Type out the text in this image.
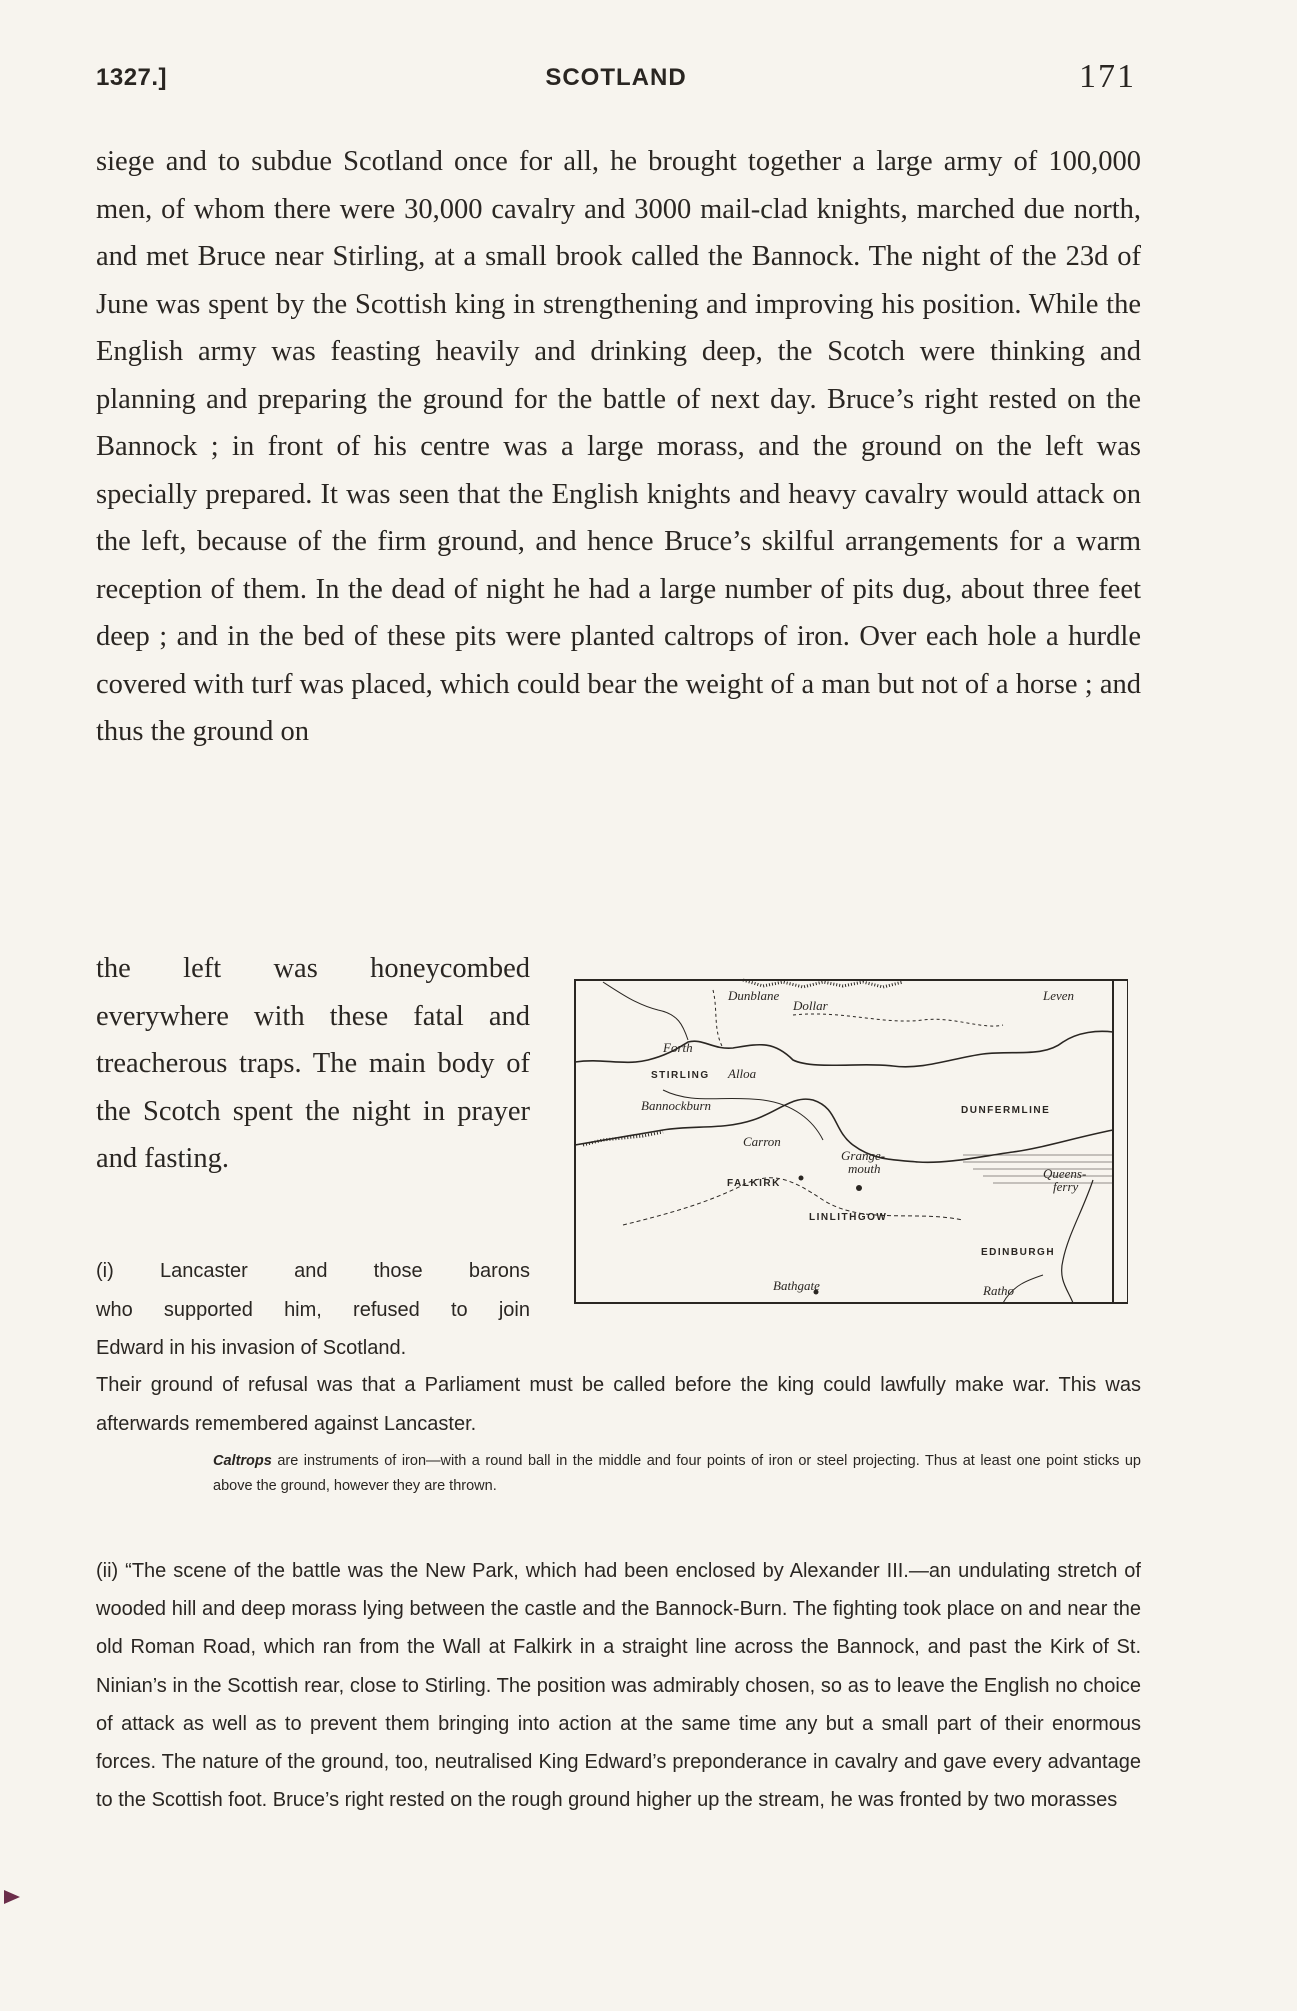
1327.]	SCOTLAND	171

siege and to subdue Scotland once for all, he brought together a large army of 100,000 men, of whom there were 30,000 cavalry and 3000 mail-clad knights, marched due north, and met Bruce near Stirling, at a small brook called the Bannock. The night of the 23d of June was spent by the Scottish king in strengthening and improving his position. While the English army was feasting heavily and drinking deep, the Scotch were thinking and planning and preparing the ground for the battle of next day. Bruce’s right rested on the Bannock ; in front of his centre was a large morass, and the ground on the left was specially prepared. It was seen that the English knights and heavy cavalry would attack on the left, because of the firm ground, and hence Bruce’s skilful arrangements for a warm reception of them. In the dead of night he had a large number of pits dug, about three feet deep ; and in the bed of these pits were planted caltrops of iron. Over each hole a hurdle covered with turf was placed, which could bear the weight of a man but not of a horse ; and thus the ground on

the left was honeycombed everywhere with these fatal and treacherous traps. The main body of the Scotch spent the night in prayer and fasting.

(i) Lancaster and those barons
who supported him, refused to join
Edward in his invasion of Scotland.

Their ground of refusal was that a Parliament must be called before the king could lawfully make war. This was afterwards remembered against Lancaster.

Caltrops are instruments of iron—with a round ball in the middle and four points of iron or steel projecting. Thus at least one point sticks up above the ground, however they are thrown.

(ii) “The scene of the battle was the New Park, which had been enclosed by Alexander III.—an undulating stretch of wooded hill and deep morass lying between the castle and the Bannock-Burn. The fighting took place on and near the old Roman Road, which ran from the Wall at Falkirk in a straight line across the Bannock, and past the Kirk of St. Ninian’s in the Scottish rear, close to Stirling. The position was admirably chosen, so as to leave the English no choice of attack as well as to prevent them bringing into action at the same time any but a small part of their enormous forces. The nature of the ground, too, neutralised King Edward’s preponderance in cavalry and gave every advantage to the Scottish foot. Bruce’s right rested on the rough ground higher up the stream, he was fronted by two morasses

Dunblane
Dollar
Leven
Forth
STIRLING Alloa
Bannockburn	DUNFERMLINE
Carron
Grange-
mouth	Queens-
ferry
FALKIRK
LINLITHGOW
EDINBURGH
Bathgate	Ratho
